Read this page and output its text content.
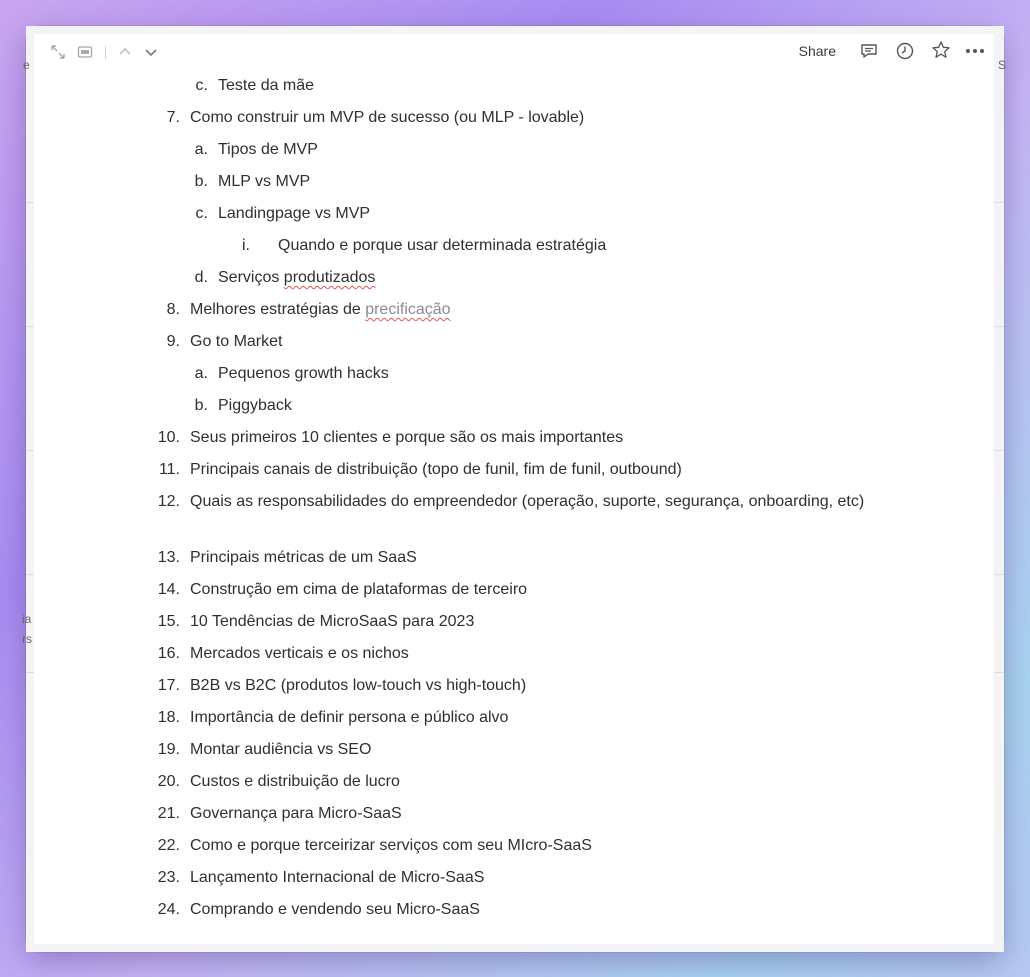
e	S
ia
rs
Share
c. Teste da mãe
7. Como construir um MVP de sucesso (ou MLP - lovable)
a. Tipos de MVP
b. MLP vs MVP
c. Landingpage vs MVP
i. Quando e porque usar determinada estratégia
d. Serviços produtizados
8. Melhores estratégias de precificação
9. Go to Market
a. Pequenos growth hacks
b. Piggyback
10. Seus primeiros 10 clientes e porque são os mais importantes
11. Principais canais de distribuição (topo de funil, fim de funil, outbound)
12. Quais as responsabilidades do empreendedor (operação, suporte, segurança, onboarding, etc)
13. Principais métricas de um SaaS
14. Construção em cima de plataformas de terceiro
15. 10 Tendências de MicroSaaS para 2023
16. Mercados verticais e os nichos
17. B2B vs B2C (produtos low-touch vs high-touch)
18. Importância de definir persona e público alvo
19. Montar audiência vs SEO
20. Custos e distribuição de lucro
21. Governança para Micro-SaaS
22. Como e porque terceirizar serviços com seu MIcro-SaaS
23. Lançamento Internacional de Micro-SaaS
24. Comprando e vendendo seu Micro-SaaS
